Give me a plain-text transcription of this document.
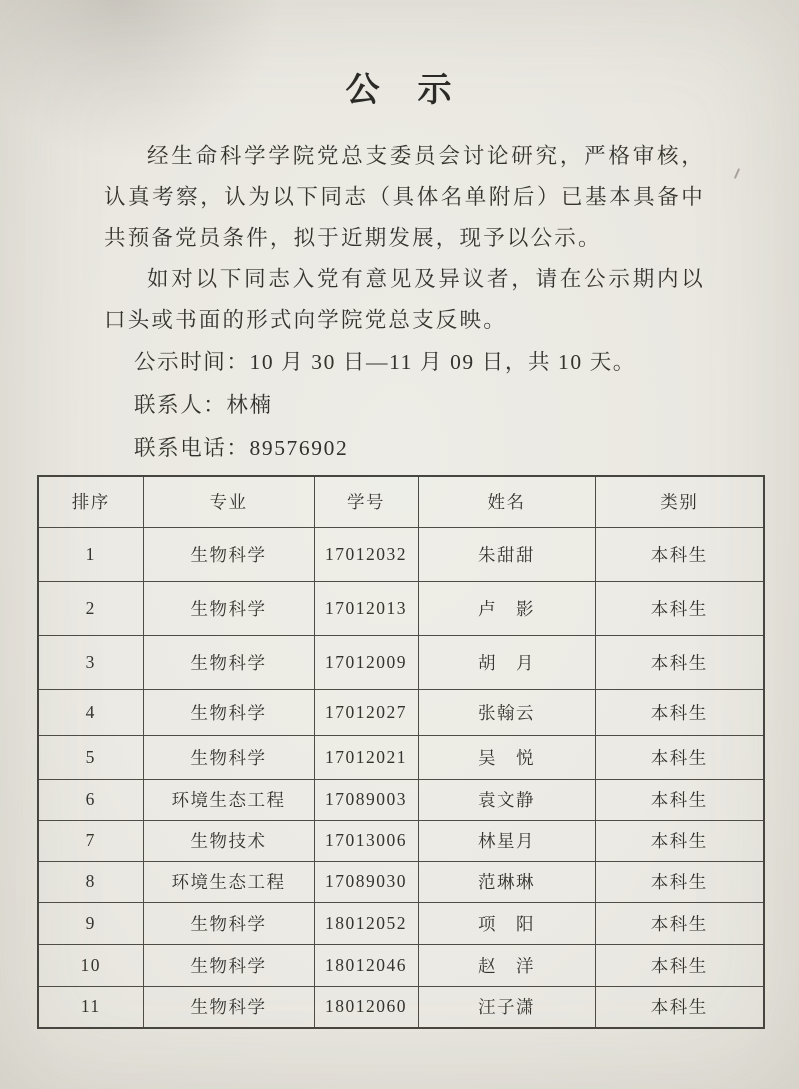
公　示

经生命科学学院党总支委员会讨论研究，严格审核，认真考察，认为以下同志（具体名单附后）已基本具备中共预备党员条件，拟于近期发展，现予以公示。

如对以下同志入党有意见及异议者，请在公示期内以口头或书面的形式向学院党总支反映。

公示时间：10 月 30 日—11 月 09 日，共 10 天。

联系人：林楠

联系电话：89576902

排序	专业	学号	姓名	类别
1	生物科学	17012032	朱甜甜	本科生
2	生物科学	17012013	卢　影	本科生
3	生物科学	17012009	胡　月	本科生
4	生物科学	17012027	张翰云	本科生
5	生物科学	17012021	吴　悦	本科生
6	环境生态工程	17089003	袁文静	本科生
7	生物技术	17013006	林星月	本科生
8	环境生态工程	17089030	范琳琳	本科生
9	生物科学	18012052	项　阳	本科生
10	生物科学	18012046	赵　洋	本科生
11	生物科学	18012060	汪子潇	本科生
